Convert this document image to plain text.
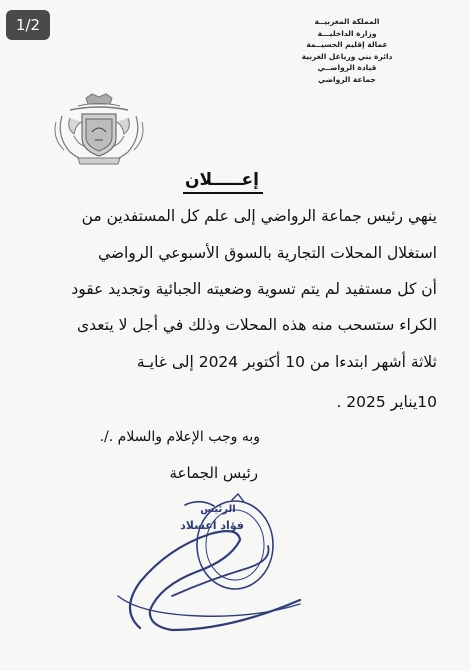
1/2	المملكة المغربيــة
وزارة الداخليـــة
عمالة إقليم الحسيــمة
دائرة بني ورياغل الغربية
قيادة الرواضــي
جماعة الرواضي
إعـــــلان
ينهي رئيس جماعة الرواضي إلى علم كل المستفدين من
استغلال المحلات التجارية بالسوق الأسبوعي الرواضي
أن كل مستفيد لم يتم تسوية وضعيته الجبائية وتجديد عقود
الكراء ستسحب منه هذه المحلات وذلك في أجل لا يتعدى
ثلاثة أشهر ابتدءا من 10 أكتوبر 2024 إلى غايـة
10يناير 2025 .
وبه وجب الإعلام والسلام ./.
رئيس الجماعة
الرئيس
فؤاد اعسلاد
